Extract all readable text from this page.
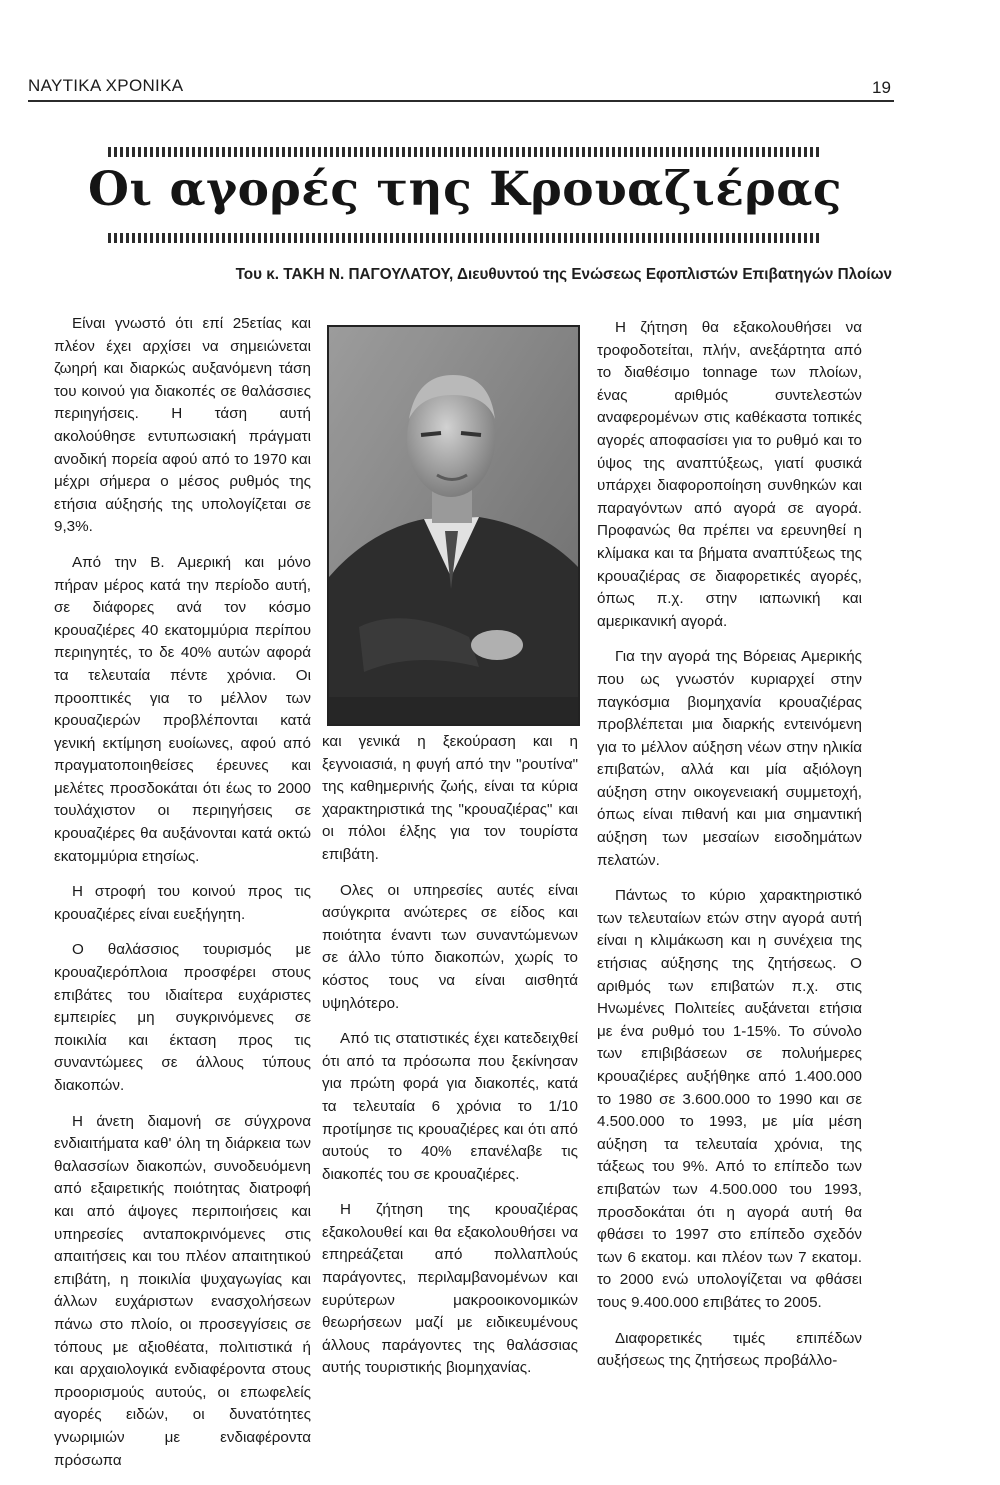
ΝΑΥΤΙΚΑ ΧΡΟΝΙΚΑ	19
Οι αγορές της Κρουαζιέρας
Του κ. ΤΑΚΗ Ν. ΠΑΓΟΥΛΑΤΟΥ, Διευθυντού της Ενώσεως Εφοπλιστών Επιβατηγών Πλοίων

Είναι γνωστό ότι επί 25ετίας και πλέον έχει αρχίσει να σημειώνεται ζωηρή και διαρκώς αυξανόμενη τάση του κοινού για διακοπές σε θαλάσσιες περιηγήσεις. Η τάση αυτή ακολούθησε εντυπωσιακή πράγματι ανοδική πορεία αφού από το 1970 και μέχρι σήμερα ο μέσος ρυθμός της ετήσια αύξησής της υπολογίζεται σε 9,3%.

Από την Β. Αμερική και μόνο πήραν μέρος κατά την περίοδο αυτή, σε διάφορες ανά τον κόσμο κρουαζιέρες 40 εκατομμύρια περίπου περιηγητές, το δε 40% αυτών αφορά τα τελευταία πέντε χρόνια. Οι προοπτικές για το μέλλον των κρουαζιερών προβλέπονται κατά γενική εκτίμηση ευοίωνες, αφού από πραγματοποιηθείσες έρευνες και μελέτες προσδοκάται ότι έως το 2000 τουλάχιστον οι περιηγήσεις σε κρουαζιέρες θα αυξάνονται κατά οκτώ εκατομμύρια ετησίως.

Η στροφή του κοινού προς τις κρουαζιέρες είναι ευεξήγητη.

Ο θαλάσσιος τουρισμός με κρουαζιερόπλοια προσφέρει στους επιβάτες του ιδιαίτερα ευχάριστες εμπειρίες μη συγκρινόμενες σε ποικιλία και έκταση προς τις συναντώμεες σε άλλους τύπους διακοπών.

Η άνετη διαμονή σε σύγχρονα ενδιαιτήματα καθ' όλη τη διάρκεια των θαλασσίων διακοπών, συνοδευόμενη από εξαιρετικής ποιότητας διατροφή και από άψογες περιποιήσεις και υπηρεσίες ανταποκρινόμενες στις απαιτήσεις και του πλέον απαιτητικού επιβάτη, η ποικιλία ψυχαγωγίας και άλλων ευχάριστων ενασχολήσεων πάνω στο πλοίο, οι προσεγγίσεις σε τόπους με αξιοθέατα, πολιτιστικά ή και αρχαιολογικά ενδιαφέροντα στους προορισμούς αυτούς, οι επωφελείς αγορές ειδών, οι δυνατότητες γνωριμιών με ενδιαφέροντα πρόσωπα

και γενικά η ξεκούραση και η ξεγνοιασιά, η φυγή από την "ρουτίνα" της καθημερινής ζωής, είναι τα κύρια χαρακτηριστικά της "κρουαζιέρας" και οι πόλοι έλξης για τον τουρίστα επιβάτη.

Ολες οι υπηρεσίες αυτές είναι ασύγκριτα ανώτερες σε είδος και ποιότητα έναντι των συναντώμενων σε άλλο τύπο διακοπών, χωρίς το κόστος τους να είναι αισθητά υψηλότερο.

Από τις στατιστικές έχει κατεδειχθεί ότι από τα πρόσωπα που ξεκίνησαν για πρώτη φορά για διακοπές, κατά τα τελευταία 6 χρόνια το 1/10 προτίμησε τις κρουαζιέρες και ότι από αυτούς το 40% επανέλαβε τις διακοπές του σε κρουαζιέρες.

Η ζήτηση της κρουαζιέρας εξακολουθεί και θα εξακολουθήσει να επηρεάζεται από πολλαπλούς παράγοντες, περιλαμβανομένων και ευρύτερων μακροοικονομικών θεωρήσεων μαζί με ειδικευμένους άλλους παράγοντες της θαλάσσιας αυτής τουριστικής βιομηχανίας.

Η ζήτηση θα εξακολουθήσει να τροφοδοτείται, πλήν, ανεξάρτητα από το διαθέσιμο tonnage των πλοίων, ένας αριθμός συντελεστών αναφερομένων στις καθέκαστα τοπικές αγορές αποφασίσει για το ρυθμό και το ύψος της αναπτύξεως, γιατί φυσικά υπάρχει διαφοροποίηση συνθηκών και παραγόντων από αγορά σε αγορά. Προφανώς θα πρέπει να ερευνηθεί η κλίμακα και τα βήματα αναπτύξεως της κρουαζιέρας σε διαφορετικές αγορές, όπως π.χ. στην ιαπωνική και αμερικανική αγορά.

Για την αγορά της Βόρειας Αμερικής που ως γνωστόν κυριαρχεί στην παγκόσμια βιομηχανία κρουαζιέρας προβλέπεται μια διαρκής εντεινόμενη για το μέλλον αύξηση νέων στην ηλικία επιβατών, αλλά και μία αξιόλογη αύξηση στην οικογενειακή συμμετοχή, όπως είναι πιθανή και μια σημαντική αύξηση των μεσαίων εισοδημάτων πελατών.

Πάντως το κύριο χαρακτηριστικό των τελευταίων ετών στην αγορά αυτή είναι η κλιμάκωση και η συνέχεια της ετήσιας αύξησης της ζητήσεως. Ο αριθμός των επιβατών π.χ. στις Ηνωμένες Πολιτείες αυξάνεται ετήσια με ένα ρυθμό του 1-15%. Το σύνολο των επιβιβάσεων σε πολυήμερες κρουαζιέρες αυξήθηκε από 1.400.000 το 1980 σε 3.600.000 το 1990 και σε 4.500.000 το 1993, με μία μέση αύξηση τα τελευταία χρόνια, της τάξεως του 9%. Από το επίπεδο των επιβατών των 4.500.000 του 1993, προσδοκάται ότι η αγορά αυτή θα φθάσει το 1997 στο επίπεδο σχεδόν των 6 εκατομ. και πλέον των 7 εκατομ. το 2000 ενώ υπολογίζεται να φθάσει τους 9.400.000 επιβάτες το 2005.

Διαφορετικές τιμές επιπέδων αυξήσεως της ζητήσεως προβάλλο-
